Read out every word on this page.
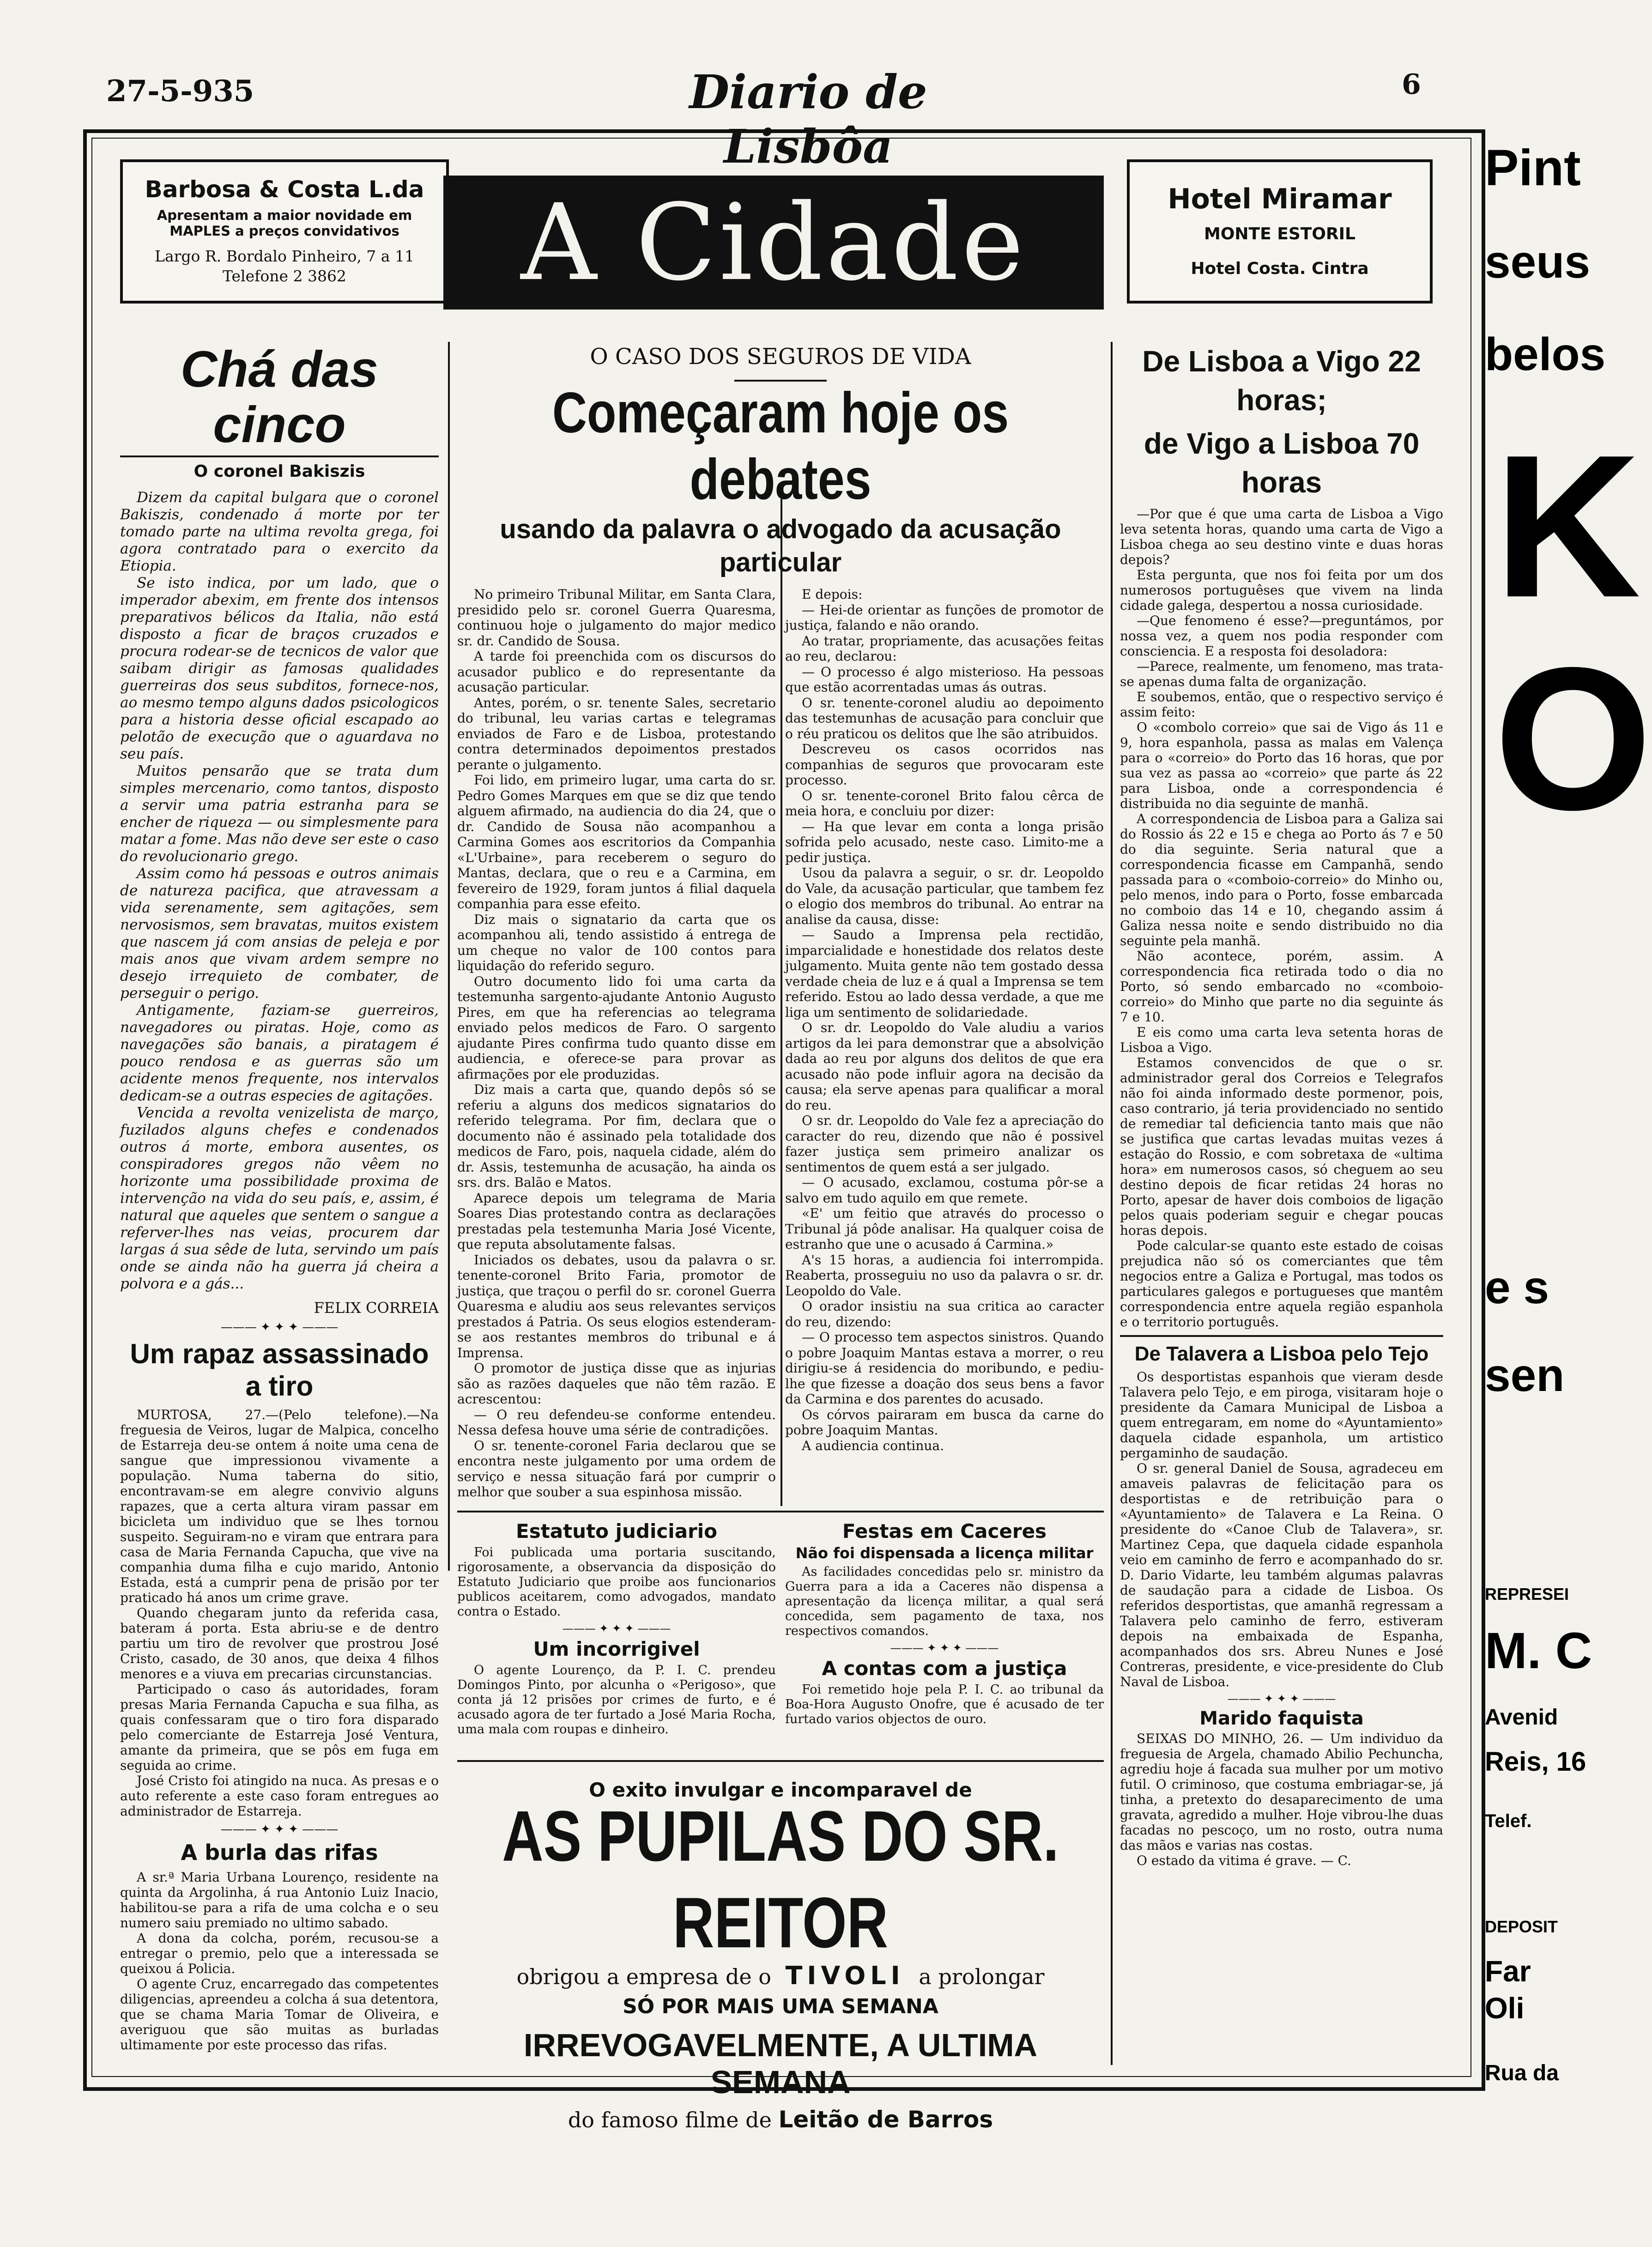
27-5-935	Diario de Lisbôa
6
Barbosa & Costa L.da
Apresentam a maior novidade em MAPLES a preços convidativos
Largo R. Bordalo Pinheiro, 7 a 11
Telefone 2 3862	A Cidade	Hotel Miramar
MONTE ESTORIL
Hotel Costa. Cintra
Chá das cinco
O coronel Bakiszis

Dizem da capital bulgara que o coronel Bakiszis, condenado á morte por ter tomado parte na ultima revolta grega, foi agora contratado para o exercito da Etiopia.

Se isto indica, por um lado, que o imperador abexim, em frente dos intensos preparativos bélicos da Italia, não está disposto a ficar de braços cruzados e procura rodear-se de tecnicos de valor que saibam dirigir as famosas qualidades guerreiras dos seus subditos, fornece-nos, ao mesmo tempo alguns dados psicologicos para a historia desse oficial escapado ao pelotão de execução que o aguardava no seu país.

Muitos pensarão que se trata dum simples mercenario, como tantos, disposto a servir uma patria estranha para se encher de riqueza — ou simplesmente para matar a fome. Mas não deve ser este o caso do revolucionario grego.

Assim como há pessoas e outros animais de natureza pacifica, que atravessam a vida serenamente, sem agitações, sem nervosismos, sem bravatas, muitos existem que nascem já com ansias de peleja e por mais anos que vivam ardem sempre no desejo irrequieto de combater, de perseguir o perigo.

Antigamente, faziam-se guerreiros, navegadores ou piratas. Hoje, como as navegações são banais, a piratagem é pouco rendosa e as guerras são um acidente menos frequente, nos intervalos dedicam-se a outras especies de agitações.

Vencida a revolta venizelista de março, fuzilados alguns chefes e condenados outros á morte, embora ausentes, os conspiradores gregos não vêem no horizonte uma possibilidade proxima de intervenção na vida do seu país, e, assim, é natural que aqueles que sentem o sangue a referver-lhes nas veias, procurem dar largas á sua sêde de luta, servindo um país onde se ainda não ha guerra já cheira a polvora e a gás...

FELIX CORREIA
——— ✦ ✦ ✦ ———
Um rapaz assassinado a tiro

MURTOSA, 27.—(Pelo telefone).—Na freguesia de Veiros, lugar de Malpica, concelho de Estarreja deu-se ontem á noite uma cena de sangue que impressionou vivamente a população. Numa taberna do sitio, encontravam-se em alegre convivio alguns rapazes, que a certa altura viram passar em bicicleta um individuo que se lhes tornou suspeito. Seguiram-no e viram que entrara para casa de Maria Fernanda Capucha, que vive na companhia duma filha e cujo marido, Antonio Estada, está a cumprir pena de prisão por ter praticado há anos um crime grave.

Quando chegaram junto da referida casa, bateram á porta. Esta abriu-se e de dentro partiu um tiro de revolver que prostrou José Cristo, casado, de 30 anos, que deixa 4 filhos menores e a viuva em precarias circunstancias.

Participado o caso ás autoridades, foram presas Maria Fernanda Capucha e sua filha, as quais confessaram que o tiro fora disparado pelo comerciante de Estarreja José Ventura, amante da primeira, que se pôs em fuga em seguida ao crime.

José Cristo foi atingido na nuca. As presas e o auto referente a este caso foram entregues ao administrador de Estarreja.

——— ✦ ✦ ✦ ———
A burla das rifas

A sr.ª Maria Urbana Lourenço, residente na quinta da Argolinha, á rua Antonio Luiz Inacio, habilitou-se para a rifa de uma colcha e o seu numero saiu premiado no ultimo sabado.

A dona da colcha, porém, recusou-se a entregar o premio, pelo que a interessada se queixou á Policia.

O agente Cruz, encarregado das competentes diligencias, apreendeu a colcha á sua detentora, que se chama Maria Tomar de Oliveira, e averiguou que são muitas as burladas ultimamente por este processo das rifas.

O CASO DOS SEGUROS DE VIDA
Começaram hoje os debates
usando da palavra o advogado da acusação particular

No primeiro Tribunal Militar, em Santa Clara, presidido pelo sr. coronel Guerra Quaresma, continuou hoje o julgamento do major medico sr. dr. Candido de Sousa.

A tarde foi preenchida com os discursos do acusador publico e do representante da acusação particular.

Antes, porém, o sr. tenente Sales, secretario do tribunal, leu varias cartas e telegramas enviados de Faro e de Lisboa, protestando contra determinados depoimentos prestados perante o julgamento.

Foi lido, em primeiro lugar, uma carta do sr. Pedro Gomes Marques em que se diz que tendo alguem afirmado, na audiencia do dia 24, que o dr. Candido de Sousa não acompanhou a Carmina Gomes aos escritorios da Companhia «L'Urbaine», para receberem o seguro do Mantas, declara, que o reu e a Carmina, em fevereiro de 1929, foram juntos á filial daquela companhia para esse efeito.

Diz mais o signatario da carta que os acompanhou ali, tendo assistido á entrega de um cheque no valor de 100 contos para liquidação do referido seguro.

Outro documento lido foi uma carta da testemunha sargento-ajudante Antonio Augusto Pires, em que ha referencias ao telegrama enviado pelos medicos de Faro. O sargento ajudante Pires confirma tudo quanto disse em audiencia, e oferece-se para provar as afirmações por ele produzidas.

Diz mais a carta que, quando depôs só se referiu a alguns dos medicos signatarios do referido telegrama. Por fim, declara que o documento não é assinado pela totalidade dos medicos de Faro, pois, naquela cidade, além do dr. Assis, testemunha de acusação, ha ainda os srs. drs. Balão e Matos.

Aparece depois um telegrama de Maria Soares Dias protestando contra as declarações prestadas pela testemunha Maria José Vicente, que reputa absolutamente falsas.

Iniciados os debates, usou da palavra o sr. tenente-coronel Brito Faria, promotor de justiça, que traçou o perfil do sr. coronel Guerra Quaresma e aludiu aos seus relevantes serviços prestados á Patria. Os seus elogios estenderam-se aos restantes membros do tribunal e á Imprensa.

O promotor de justiça disse que as injurias são as razões daqueles que não têm razão. E acrescentou:

— O reu defendeu-se conforme entendeu. Nessa defesa houve uma série de contradições.

O sr. tenente-coronel Faria declarou que se encontra neste julgamento por uma ordem de serviço e nessa situação fará por cumprir o melhor que souber a sua espinhosa missão.

E depois:

— Hei-de orientar as funções de promotor de justiça, falando e não orando.

Ao tratar, propriamente, das acusações feitas ao reu, declarou:

— O processo é algo misterioso. Ha pessoas que estão acorrentadas umas ás outras.

O sr. tenente-coronel aludiu ao depoimento das testemunhas de acusação para concluir que o réu praticou os delitos que lhe são atribuidos.

Descreveu os casos ocorridos nas companhias de seguros que provocaram este processo.

O sr. tenente-coronel Brito falou cêrca de meia hora, e concluiu por dizer:

— Ha que levar em conta a longa prisão sofrida pelo acusado, neste caso. Limito-me a pedir justiça.

Usou da palavra a seguir, o sr. dr. Leopoldo do Vale, da acusação particular, que tambem fez o elogio dos membros do tribunal. Ao entrar na analise da causa, disse:

— Saudo a Imprensa pela rectidão, imparcialidade e honestidade dos relatos deste julgamento. Muita gente não tem gostado dessa verdade cheia de luz e á qual a Imprensa se tem referido. Estou ao lado dessa verdade, a que me liga um sentimento de solidariedade.

O sr. dr. Leopoldo do Vale aludiu a varios artigos da lei para demonstrar que a absolvição dada ao reu por alguns dos delitos de que era acusado não pode influir agora na decisão da causa; ela serve apenas para qualificar a moral do reu.

O sr. dr. Leopoldo do Vale fez a apreciação do caracter do reu, dizendo que não é possivel fazer justiça sem primeiro analizar os sentimentos de quem está a ser julgado.

— O acusado, exclamou, costuma pôr-se a salvo em tudo aquilo em que remete.

«E' um feitio que através do processo o Tribunal já pôde analisar. Ha qualquer coisa de estranho que une o acusado á Carmina.»

A's 15 horas, a audiencia foi interrompida. Reaberta, prosseguiu no uso da palavra o sr. dr. Leopoldo do Vale.

O orador insistiu na sua critica ao caracter do reu, dizendo:

— O processo tem aspectos sinistros. Quando o pobre Joaquim Mantas estava a morrer, o reu dirigiu-se á residencia do moribundo, e pediu-lhe que fizesse a doação dos seus bens a favor da Carmina e dos parentes do acusado.

Os córvos pairaram em busca da carne do pobre Joaquim Mantas.

A audiencia continua.

Estatuto judiciario
Foi publicada uma portaria suscitando, rigorosamente, a observancia da disposição do Estatuto Judiciario que proibe aos funcionarios publicos aceitarem, como advogados, mandato contra o Estado.
——— ✦ ✦ ✦ ———
Um incorrigivel
O agente Lourenço, da P. I. C. prendeu Domingos Pinto, por alcunha o «Perigoso», que conta já 12 prisões por crimes de furto, e é acusado agora de ter furtado a José Maria Rocha, uma mala com roupas e dinheiro.
Festas em Caceres
Não foi dispensada a licença militar
As facilidades concedidas pelo sr. ministro da Guerra para a ida a Caceres não dispensa a apresentação da licença militar, a qual será concedida, sem pagamento de taxa, nos respectivos comandos.
——— ✦ ✦ ✦ ———
A contas com a justiça
Foi remetido hoje pela P. I. C. ao tribunal da Boa-Hora Augusto Onofre, que é acusado de ter furtado varios objectos de ouro.
O exito invulgar e incomparavel de
AS PUPILAS DO SR. REITOR
obrigou a empresa de o TIVOLI a prolongar
SÓ POR MAIS UMA SEMANA
IRREVOGAVELMENTE, A ULTIMA SEMANA
do famoso filme de Leitão de Barros
De Lisboa a Vigo 22 horas;
de Vigo a Lisboa 70 horas

—Por que é que uma carta de Lisboa a Vigo leva setenta horas, quando uma carta de Vigo a Lisboa chega ao seu destino vinte e duas horas depois?

Esta pergunta, que nos foi feita por um dos numerosos portuguêses que vivem na linda cidade galega, despertou a nossa curiosidade.

—Que fenomeno é esse?—preguntámos, por nossa vez, a quem nos podia responder com consciencia. E a resposta foi desoladora:

—Parece, realmente, um fenomeno, mas trata-se apenas duma falta de organização.

E soubemos, então, que o respectivo serviço é assim feito:

O «combolo correio» que sai de Vigo ás 11 e 9, hora espanhola, passa as malas em Valença para o «correio» do Porto das 16 horas, que por sua vez as passa ao «correio» que parte ás 22 para Lisboa, onde a correspondencia é distribuida no dia seguinte de manhã.

A correspondencia de Lisboa para a Galiza sai do Rossio ás 22 e 15 e chega ao Porto ás 7 e 50 do dia seguinte. Seria natural que a correspondencia ficasse em Campanhã, sendo passada para o «comboio-correio» do Minho ou, pelo menos, indo para o Porto, fosse embarcada no comboio das 14 e 10, chegando assim á Galiza nessa noite e sendo distribuido no dia seguinte pela manhã.

Não acontece, porém, assim. A correspondencia fica retirada todo o dia no Porto, só sendo embarcado no «comboio-correio» do Minho que parte no dia seguinte ás 7 e 10.

E eis como uma carta leva setenta horas de Lisboa a Vigo.

Estamos convencidos de que o sr. administrador geral dos Correios e Telegrafos não foi ainda informado deste pormenor, pois, caso contrario, já teria providenciado no sentido de remediar tal deficiencia tanto mais que não se justifica que cartas levadas muitas vezes á estação do Rossio, e com sobretaxa de «ultima hora» em numerosos casos, só cheguem ao seu destino depois de ficar retidas 24 horas no Porto, apesar de haver dois comboios de ligação pelos quais poderiam seguir e chegar poucas horas depois.

Pode calcular-se quanto este estado de coisas prejudica não só os comerciantes que têm negocios entre a Galiza e Portugal, mas todos os particulares galegos e portugueses que mantêm correspondencia entre aquela região espanhola e o territorio português.

De Talavera a Lisboa pelo Tejo

Os desportistas espanhois que vieram desde Talavera pelo Tejo, e em piroga, visitaram hoje o presidente da Camara Municipal de Lisboa a quem entregaram, em nome do «Ayuntamiento» daquela cidade espanhola, um artistico pergaminho de saudação.

O sr. general Daniel de Sousa, agradeceu em amaveis palavras de felicitação para os desportistas e de retribuição para o «Ayuntamiento» de Talavera e La Reina. O presidente do «Canoe Club de Talavera», sr. Martinez Cepa, que daquela cidade espanhola veio em caminho de ferro e acompanhado do sr. D. Dario Vidarte, leu também algumas palavras de saudação para a cidade de Lisboa. Os referidos desportistas, que amanhã regressam a Talavera pelo caminho de ferro, estiveram depois na embaixada de Espanha, acompanhados dos srs. Abreu Nunes e José Contreras, presidente, e vice-presidente do Club Naval de Lisboa.

——— ✦ ✦ ✦ ———
Marido faquista

SEIXAS DO MINHO, 26. — Um individuo da freguesia de Argela, chamado Abilio Pechuncha, agrediu hoje á facada sua mulher por um motivo futil. O criminoso, que costuma embriagar-se, já tinha, a pretexto do desaparecimento de uma gravata, agredido a mulher. Hoje vibrou-lhe duas facadas no pescoço, um no rosto, outra numa das mãos e varias nas costas.

O estado da vitima é grave. — C.

Pint
seus
belos
K
O
e s
sen
REPRESEI
M. C
Avenid
Reis, 16
Telef.
DEPOSIT
Far
Oli
Rua da
